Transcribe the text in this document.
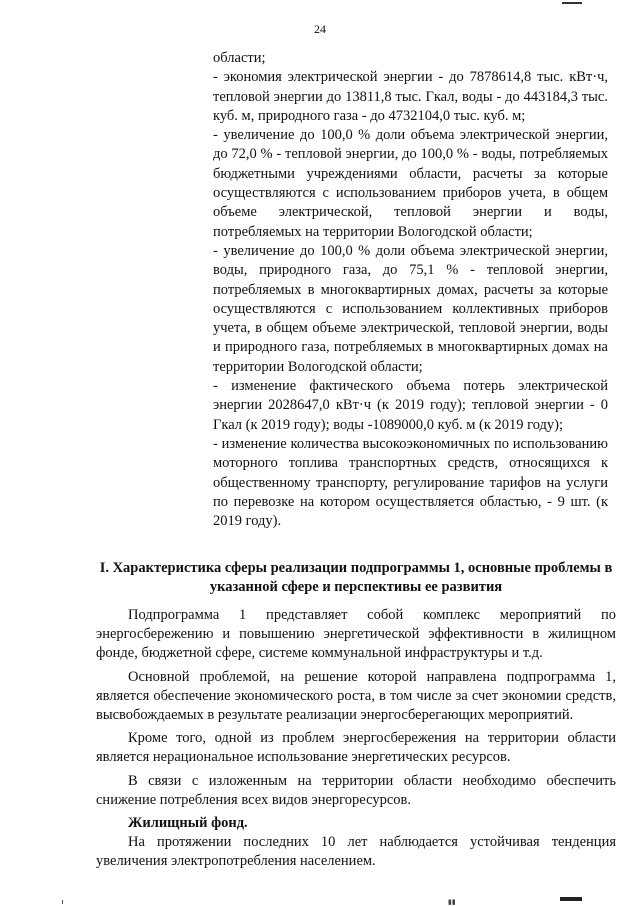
24

области;

- экономия электрической энергии - до 7878614,8 тыс. кВт·ч, тепловой энергии до 13811,8 тыс. Гкал, воды - до 443184,3 тыс. куб. м, природного газа - до 4732104,0 тыс. куб. м;

- увеличение до 100,0 % доли объема электрической энергии, до 72,0 % - тепловой энергии, до 100,0 % - воды, потребляемых бюджетными учреждениями области, расчеты за которые осуществляются с использованием приборов учета, в общем объеме электрической, тепловой энергии и воды, потребляемых на территории Вологодской области;

- увеличение до 100,0 % доли объема электрической энергии, воды, природного газа, до 75,1 % - тепловой энергии, потребляемых в многоквартирных домах, расчеты за которые осуществляются с использованием коллективных приборов учета, в общем объеме электрической, тепловой энергии, воды и природного газа, потребляемых в многоквартирных домах на территории Вологодской области;

- изменение фактического объема потерь электрической энергии 2028647,0 кВт·ч (к 2019 году); тепловой энергии - 0 Гкал (к 2019 году); воды -1089000,0 куб. м (к 2019 году);

- изменение количества высокоэкономичных по использованию моторного топлива транспортных средств, относящихся к общественному транспорту, регулирование тарифов на услуги по перевозке на котором осуществляется областью, - 9 шт. (к 2019 году).

I. Характеристика сферы реализации подпрограммы 1, основные проблемы в указанной сфере и перспективы ее развития

Подпрограмма 1 представляет собой комплекс мероприятий по энергосбережению и повышению энергетической эффективности в жилищном фонде, бюджетной сфере, системе коммунальной инфраструктуры и т.д.

Основной проблемой, на решение которой направлена подпрограмма 1, является обеспечение экономического роста, в том числе за счет экономии средств, высвобождаемых в результате реализации энергосберегающих мероприятий.

Кроме того, одной из проблем энергосбережения на территории области является нерациональное использование энергетических ресурсов.

В связи с изложенным на территории области необходимо обеспечить снижение потребления всех видов энергоресурсов.

Жилищный фонд.

На протяжении последних 10 лет наблюдается устойчивая тенденция увеличения электропотребления населением.

▮▮
